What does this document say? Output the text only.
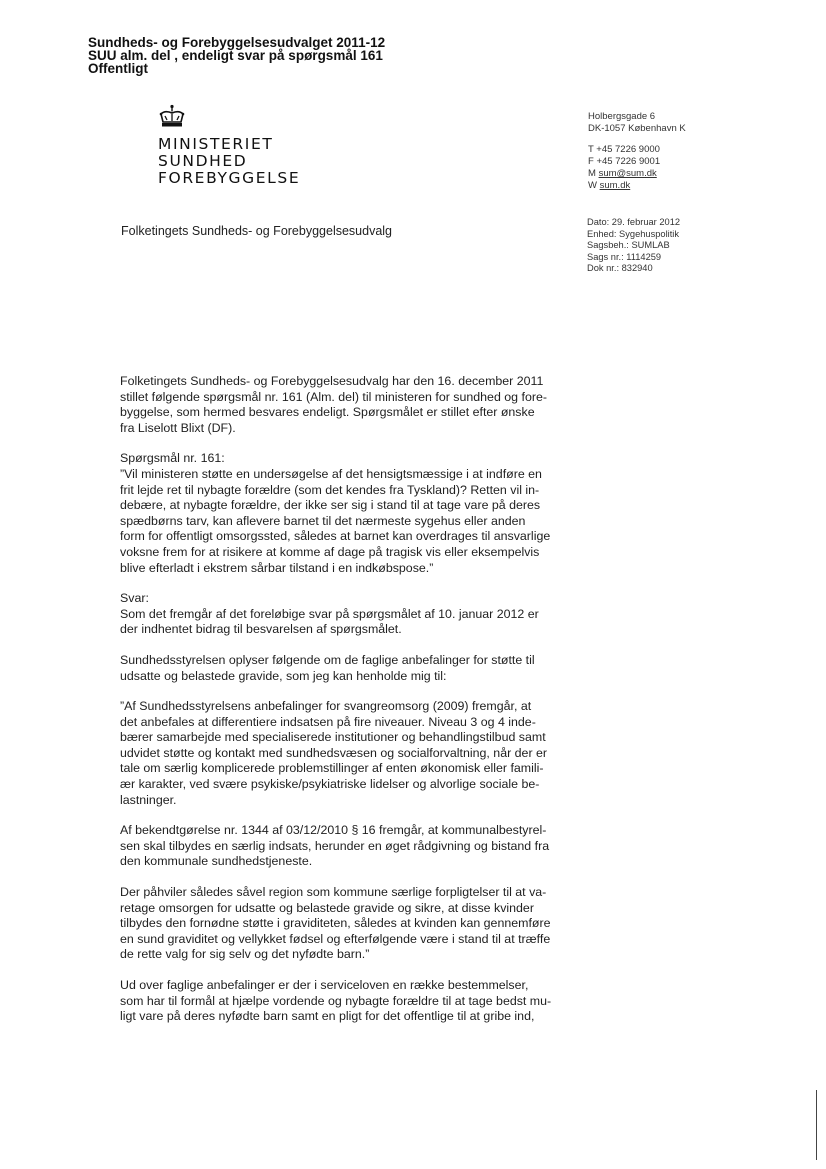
Sundheds- og Forebyggelsesudvalget 2011-12
SUU alm. del , endeligt svar på spørgsmål 161
Offentligt
MINISTERIET
SUNDHED
FOREBYGGELSE
Holbergsgade 6
DK-1057 København K
T +45 7226 9000
F +45 7226 9001
M sum@sum.dk
W sum.dk
Dato: 29. februar 2012
Enhed: Sygehuspolitik
Sagsbeh.: SUMLAB
Sags nr.: 1114259
Dok nr.: 832940
Folketingets Sundheds- og Forebyggelsesudvalg

Folketingets Sundheds- og Forebyggelsesudvalg har den 16. december 2011
stillet følgende spørgsmål nr. 161 (Alm. del) til ministeren for sundhed og fore-
byggelse, som hermed besvares endeligt. Spørgsmålet er stillet efter ønske
fra Liselott Blixt (DF).

Spørgsmål nr. 161:
”Vil ministeren støtte en undersøgelse af det hensigtsmæssige i at indføre en
frit lejde ret til nybagte forældre (som det kendes fra Tyskland)? Retten vil in-
debære, at nybagte forældre, der ikke ser sig i stand til at tage vare på deres
spædbørns tarv, kan aflevere barnet til det nærmeste sygehus eller anden
form for offentligt omsorgssted, således at barnet kan overdrages til ansvarlige
voksne frem for at risikere at komme af dage på tragisk vis eller eksempelvis
blive efterladt i ekstrem sårbar tilstand i en indkøbspose.”

Svar:
Som det fremgår af det foreløbige svar på spørgsmålet af 10. januar 2012 er
der indhentet bidrag til besvarelsen af spørgsmålet.

Sundhedsstyrelsen oplyser følgende om de faglige anbefalinger for støtte til
udsatte og belastede gravide, som jeg kan henholde mig til:

”Af Sundhedsstyrelsens anbefalinger for svangreomsorg (2009) fremgår, at
det anbefales at differentiere indsatsen på fire niveauer. Niveau 3 og 4 inde-
bærer samarbejde med specialiserede institutioner og behandlingstilbud samt
udvidet støtte og kontakt med sundhedsvæsen og socialforvaltning, når der er
tale om særlig komplicerede problemstillinger af enten økonomisk eller famili-
ær karakter, ved svære psykiske/psykiatriske lidelser og alvorlige sociale be-
lastninger.

Af bekendtgørelse nr. 1344 af 03/12/2010 § 16 fremgår, at kommunalbestyrel-
sen skal tilbydes en særlig indsats, herunder en øget rådgivning og bistand fra
den kommunale sundhedstjeneste.

Der påhviler således såvel region som kommune særlige forpligtelser til at va-
retage omsorgen for udsatte og belastede gravide og sikre, at disse kvinder
tilbydes den fornødne støtte i graviditeten, således at kvinden kan gennemføre
en sund graviditet og vellykket fødsel og efterfølgende være i stand til at træffe
de rette valg for sig selv og det nyfødte barn.”

Ud over faglige anbefalinger er der i serviceloven en række bestemmelser,
som har til formål at hjælpe vordende og nybagte forældre til at tage bedst mu-
ligt vare på deres nyfødte barn samt en pligt for det offentlige til at gribe ind,
